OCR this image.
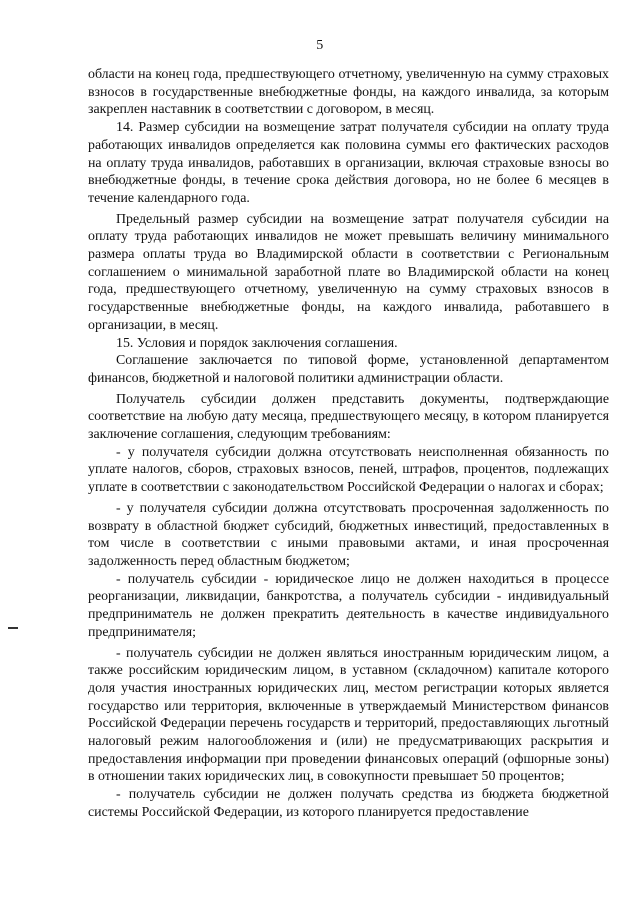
5

области на конец года, предшествующего отчетному, увеличенную на сумму страховых взносов в государственные внебюджетные фонды, на каждого инвалида, за которым закреплен наставник в соответствии с договором, в месяц.

14. Размер субсидии на возмещение затрат получателя субсидии на оплату труда работающих инвалидов определяется как половина суммы его фактических расходов на оплату труда инвалидов, работавших в организации, включая страховые взносы во внебюджетные фонды, в течение срока действия договора, но не более 6 месяцев в течение календарного года.

Предельный размер субсидии на возмещение затрат получателя субсидии на оплату труда работающих инвалидов не может превышать величину минимального размера оплаты труда во Владимирской области в соответствии с Региональным соглашением о минимальной заработной плате во Владимирской области на конец года, предшествующего отчетному, увеличенную на сумму страховых взносов в государственные внебюджетные фонды, на каждого инвалида, работавшего в организации, в месяц.

15. Условия и порядок заключения соглашения.

Соглашение заключается по типовой форме, установленной департаментом финансов, бюджетной и налоговой политики администрации области.

Получатель субсидии должен представить документы, подтверждающие соответствие на любую дату месяца, предшествующего месяцу, в котором планируется заключение соглашения, следующим требованиям:

- у получателя субсидии должна отсутствовать неисполненная обязанность по уплате налогов, сборов, страховых взносов, пеней, штрафов, процентов, подлежащих уплате в соответствии с законодательством Российской Федерации о налогах и сборах;

- у получателя субсидии должна отсутствовать просроченная задолженность по возврату в областной бюджет субсидий, бюджетных инвестиций, предоставленных в том числе в соответствии с иными правовыми актами, и иная просроченная задолженность перед областным бюджетом;

- получатель субсидии - юридическое лицо не должен находиться в процессе реорганизации, ликвидации, банкротства, а получатель субсидии - индивидуальный предприниматель не должен прекратить деятельность в качестве индивидуального предпринимателя;

- получатель субсидии не должен являться иностранным юридическим лицом, а также российским юридическим лицом, в уставном (складочном) капитале которого доля участия иностранных юридических лиц, местом регистрации которых является государство или территория, включенные в утверждаемый Министерством финансов Российской Федерации перечень государств и территорий, предоставляющих льготный налоговый режим налогообложения и (или) не предусматривающих раскрытия и предоставления информации при проведении финансовых операций (офшорные зоны) в отношении таких юридических лиц, в совокупности превышает 50 процентов;

- получатель субсидии не должен получать средства из бюджета бюджетной системы Российской Федерации, из которого планируется предоставление
